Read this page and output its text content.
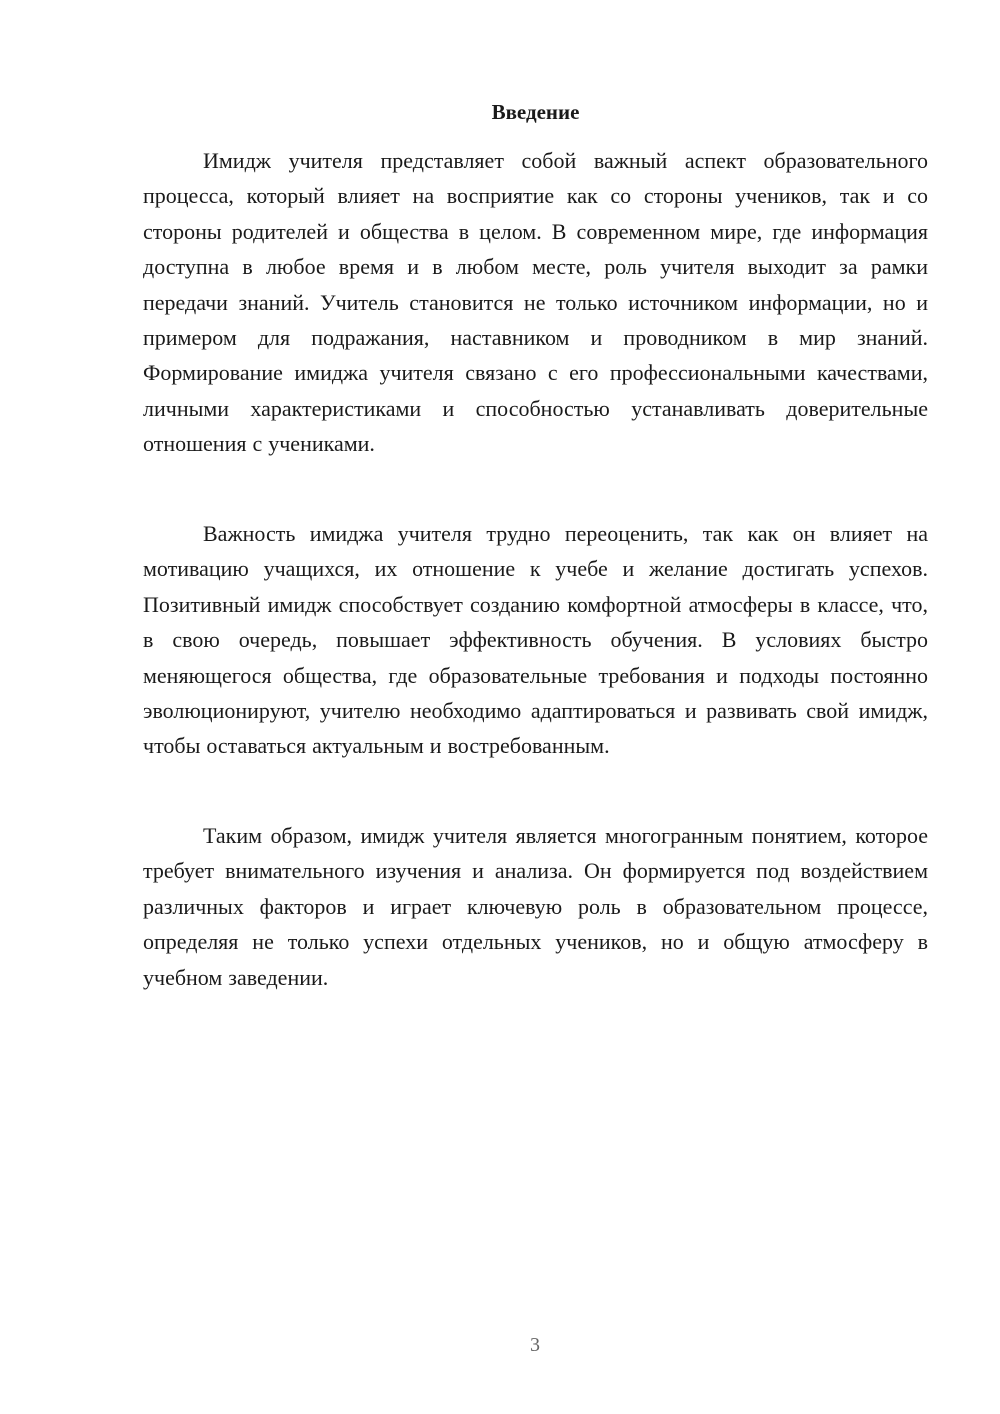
Введение

Имидж учителя представляет собой важный аспект образовательного процесса, который влияет на восприятие как со стороны учеников, так и со стороны родителей и общества в целом. В современном мире, где информация доступна в любое время и в любом месте, роль учителя выходит за рамки передачи знаний. Учитель становится не только источником информации, но и примером для подражания, наставником и проводником в мир знаний. Формирование имиджа учителя связано с его профессиональными качествами, личными характеристиками и способностью устанавливать доверительные отношения с учениками.

Важность имиджа учителя трудно переоценить, так как он влияет на мотивацию учащихся, их отношение к учебе и желание достигать успехов. Позитивный имидж способствует созданию комфортной атмосферы в классе, что, в свою очередь, повышает эффективность обучения. В условиях быстро меняющегося общества, где образовательные требования и подходы постоянно эволюционируют, учителю необходимо адаптироваться и развивать свой имидж, чтобы оставаться актуальным и востребованным.

Таким образом, имидж учителя является многогранным понятием, которое требует внимательного изучения и анализа. Он формируется под воздействием различных факторов и играет ключевую роль в образовательном процессе, определяя не только успехи отдельных учеников, но и общую атмосферу в учебном заведении.

3
